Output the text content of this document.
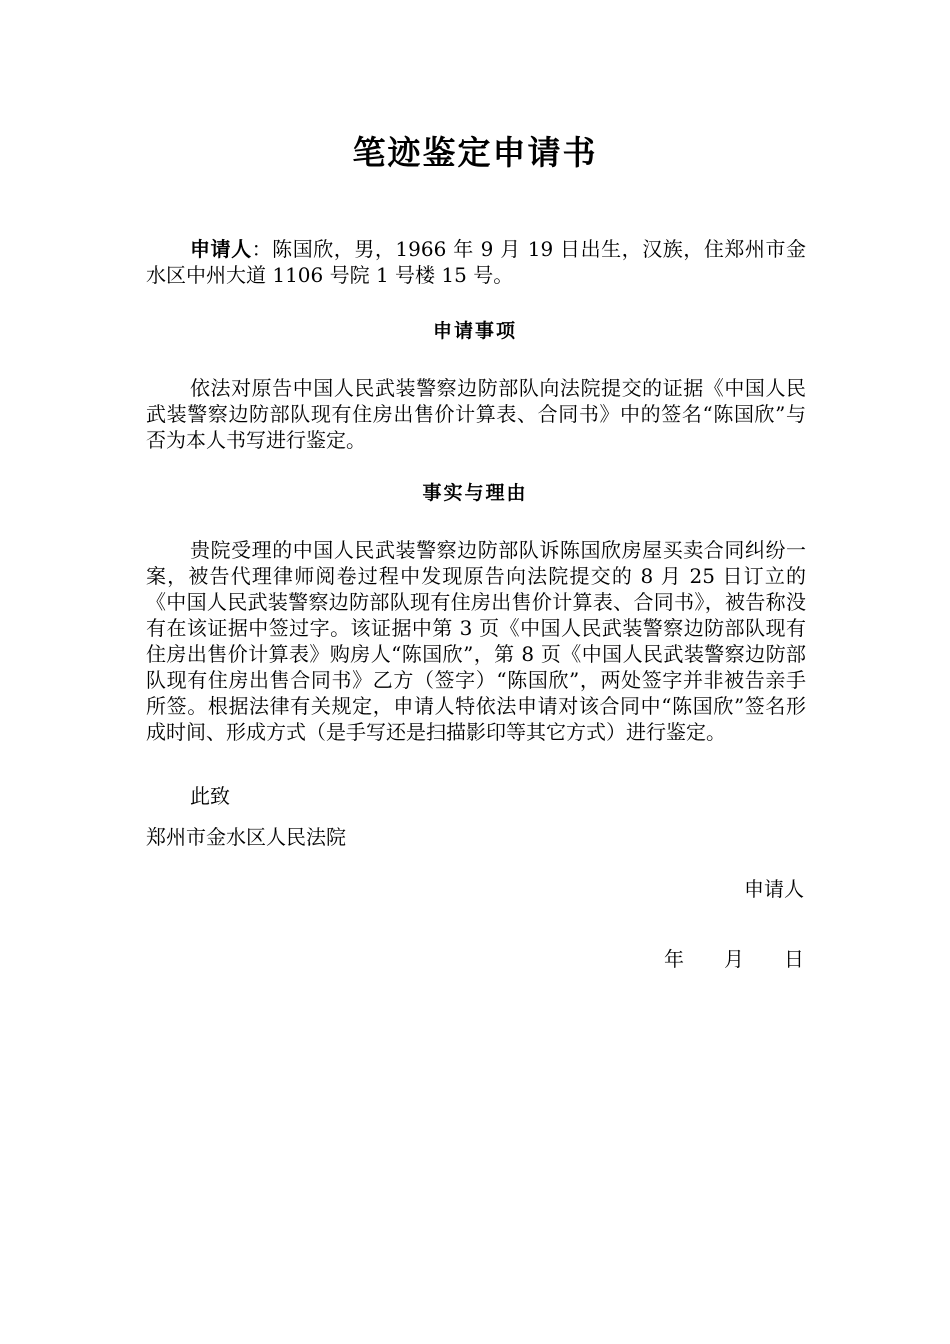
笔迹鉴定申请书

申请人：陈国欣，男，1966 年 9 月 19 日出生，汉族，住郑州市金水区中州大道 1106 号院 1 号楼 15 号。

申请事项

依法对原告中国人民武装警察边防部队向法院提交的证据《中国人民武装警察边防部队现有住房出售价计算表、合同书》中的签名“陈国欣”与否为本人书写进行鉴定。

事实与理由

贵院受理的中国人民武装警察边防部队诉陈国欣房屋买卖合同纠纷一案，被告代理律师阅卷过程中发现原告向法院提交的 8 月 25 日订立的《中国人民武装警察边防部队现有住房出售价计算表、合同书》，被告称没有在该证据中签过字。该证据中第 3 页《中国人民武装警察边防部队现有住房出售价计算表》购房人“陈国欣”，第 8 页《中国人民武装警察边防部队现有住房出售合同书》乙方（签字）“陈国欣”，两处签字并非被告亲手所签。根据法律有关规定，申请人特依法申请对该合同中“陈国欣”签名形成时间、形成方式（是手写还是扫描影印等其它方式）进行鉴定。

此致

郑州市金水区人民法院

申请人

年 月 日
